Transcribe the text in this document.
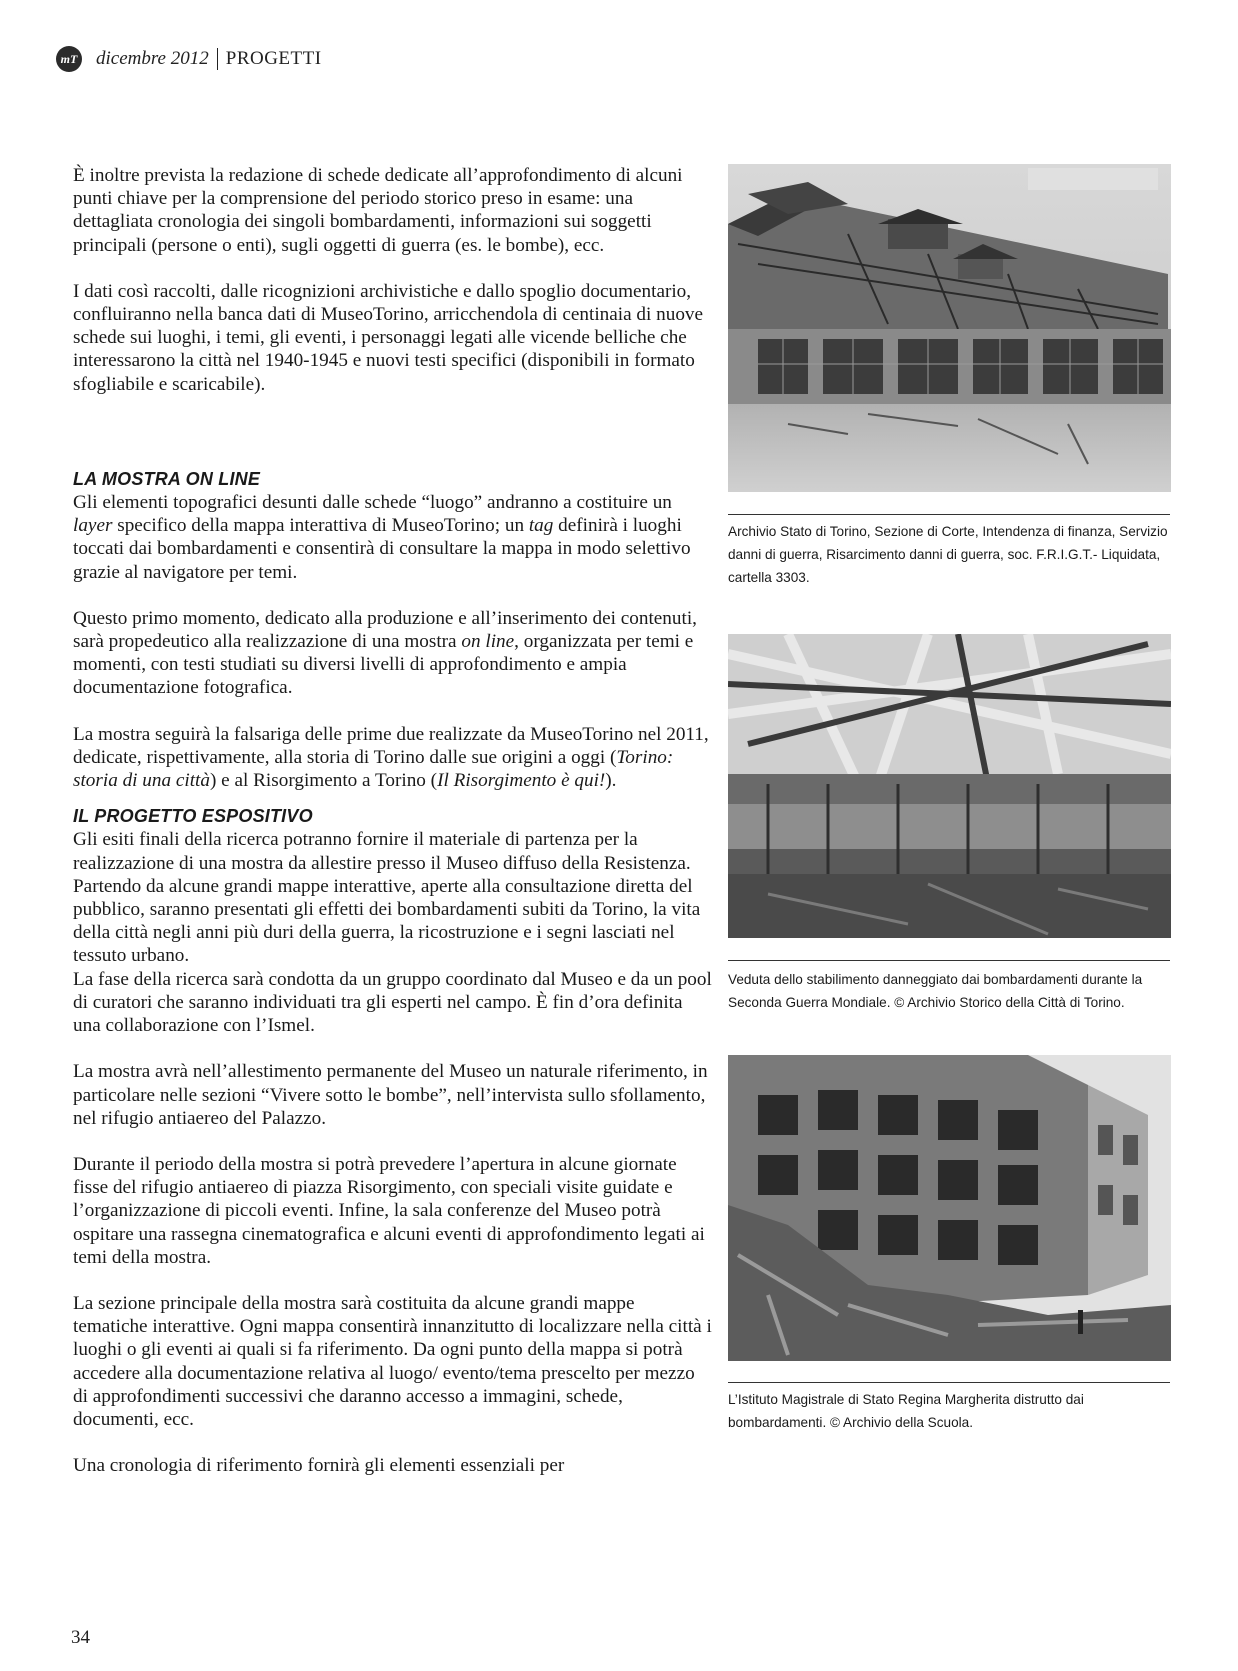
mT dicembre 2012 PROGETTI

È inoltre prevista la redazione di schede dedicate all’approfondimento di alcuni punti chiave per la comprensione del periodo storico preso in esame: una dettagliata cronologia dei singoli bombardamenti, informazioni sui soggetti principali (persone o enti), sugli oggetti di guerra (es. le bombe), ecc.

I dati così raccolti, dalle ricognizioni archivistiche e dallo spoglio documentario, confluiranno nella banca dati di MuseoTorino, arricchendola di centinaia di nuove schede sui luoghi, i temi, gli eventi, i personaggi legati alle vicende belliche che interessarono la città nel 1940-1945 e nuovi testi specifici (disponibili in formato sfogliabile e scaricabile).

LA MOSTRA ON LINE

Gli elementi topografici desunti dalle schede “luogo” andranno a costituire un layer specifico della mappa interattiva di MuseoTorino; un tag definirà i luoghi toccati dai bombardamenti e consentirà di consultare la mappa in modo selettivo grazie al navigatore per temi.

Questo primo momento, dedicato alla produzione e all’inserimento dei contenuti, sarà propedeutico alla realizzazione di una mostra on line, organizzata per temi e momenti, con testi studiati su diversi livelli di approfondimento e ampia documentazione fotografica.

La mostra seguirà la falsariga delle prime due realizzate da MuseoTorino nel 2011, dedicate, rispettivamente, alla storia di Torino dalle sue origini a oggi (Torino: storia di una città) e al Risorgimento a Torino (Il Risorgimento è qui!).

IL PROGETTO ESPOSITIVO

Gli esiti finali della ricerca potranno fornire il materiale di partenza per la realizzazione di una mostra da allestire presso il Museo diffuso della Resistenza.

Partendo da alcune grandi mappe interattive, aperte alla consultazione diretta del pubblico, saranno presentati gli effetti dei bombardamenti subiti da Torino, la vita della città negli anni più duri della guerra, la ricostruzione e i segni lasciati nel tessuto urbano.

La fase della ricerca sarà condotta da un gruppo coordinato dal Museo e da un pool di curatori che saranno individuati tra gli esperti nel campo. È fin d’ora definita una collaborazione con l’Ismel.

La mostra avrà nell’allestimento permanente del Museo un naturale riferimento, in particolare nelle sezioni “Vivere sotto le bombe”, nell’intervista sullo sfollamento, nel rifugio antiaereo del Palazzo.

Durante il periodo della mostra si potrà prevedere l’apertura in alcune giornate fisse del rifugio antiaereo di piazza Risorgimento, con speciali visite guidate e l’organizzazione di piccoli eventi. Infine, la sala conferenze del Museo potrà ospitare una rassegna cinematografica e alcuni eventi di approfondimento legati ai temi della mostra.

La sezione principale della mostra sarà costituita da alcune grandi mappe tematiche interattive. Ogni mappa consentirà innanzitutto di localizzare nella città i luoghi o gli eventi ai quali si fa riferimento. Da ogni punto della mappa si potrà accedere alla documentazione relativa al luogo/ evento/tema prescelto per mezzo di approfondimenti successivi che daranno accesso a immagini, schede, documenti, ecc.

Una cronologia di riferimento fornirà gli elementi essenziali per

Archivio Stato di Torino, Sezione di Corte, Intendenza di finanza, Servizio danni di guerra, Risarcimento danni di guerra, soc. F.R.I.G.T.- Liquidata, cartella 3303.
Veduta dello stabilimento danneggiato dai bombardamenti durante la Seconda Guerra Mondiale. © Archivio Storico della Città di Torino.
L’Istituto Magistrale di Stato Regina Margherita distrutto dai bombardamenti. © Archivio della Scuola.
34
